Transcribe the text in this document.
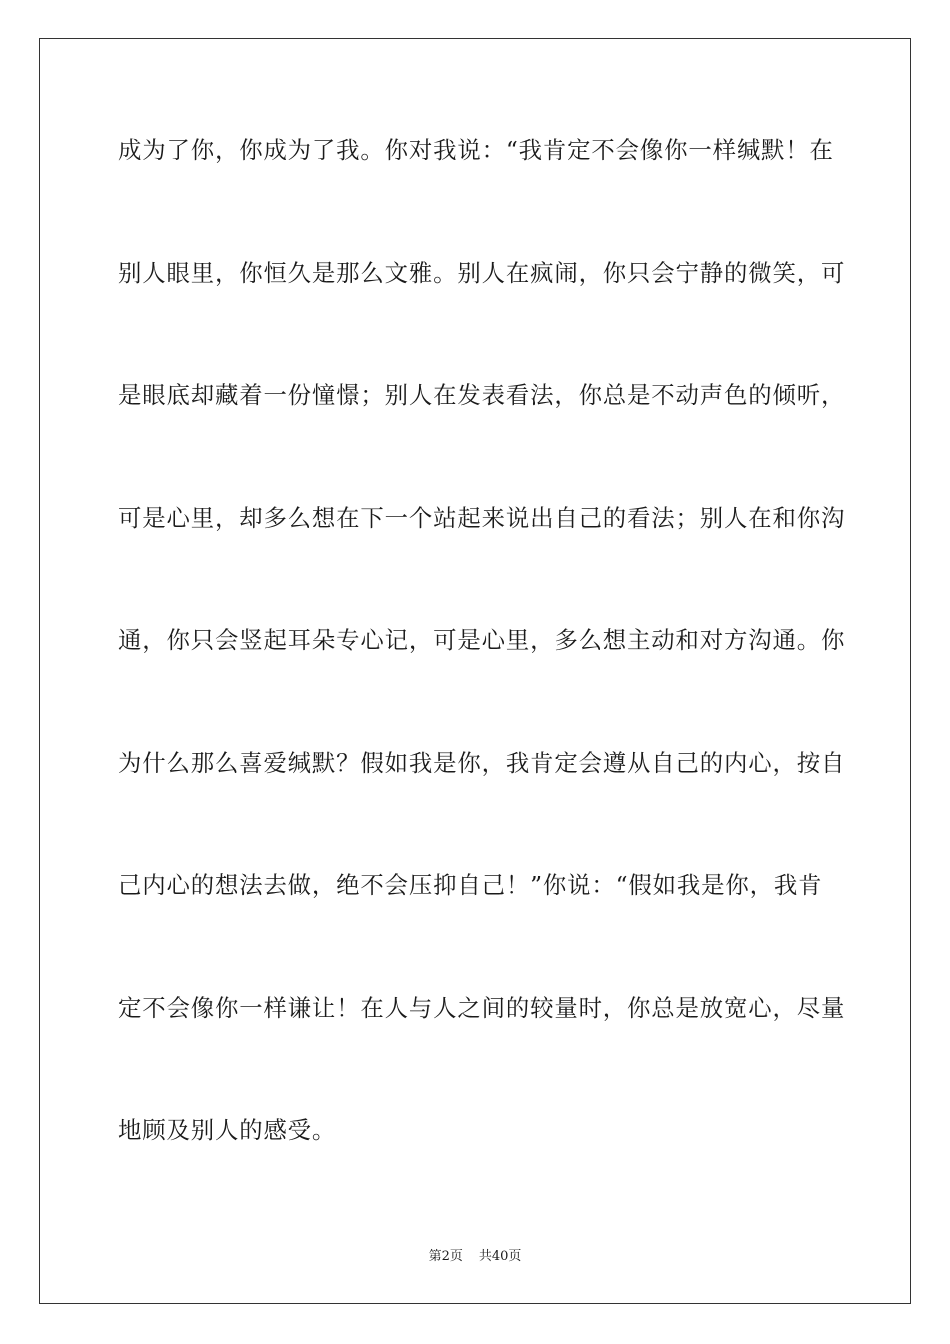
成为了你，你成为了我。你对我说：“我肯定不会像你一样缄默！在
别人眼里，你恒久是那么文雅。别人在疯闹，你只会宁静的微笑，可
是眼底却藏着一份憧憬；别人在发表看法，你总是不动声色的倾听，
可是心里，却多么想在下一个站起来说出自己的看法；别人在和你沟
通，你只会竖起耳朵专心记，可是心里，多么想主动和对方沟通。你
为什么那么喜爱缄默？假如我是你，我肯定会遵从自己的内心，按自
己内心的想法去做，绝不会压抑自己！”你说：“假如我是你，我肯
定不会像你一样谦让！在人与人之间的较量时，你总是放宽心，尽量
地顾及别人的感受。
第2页 共40页
